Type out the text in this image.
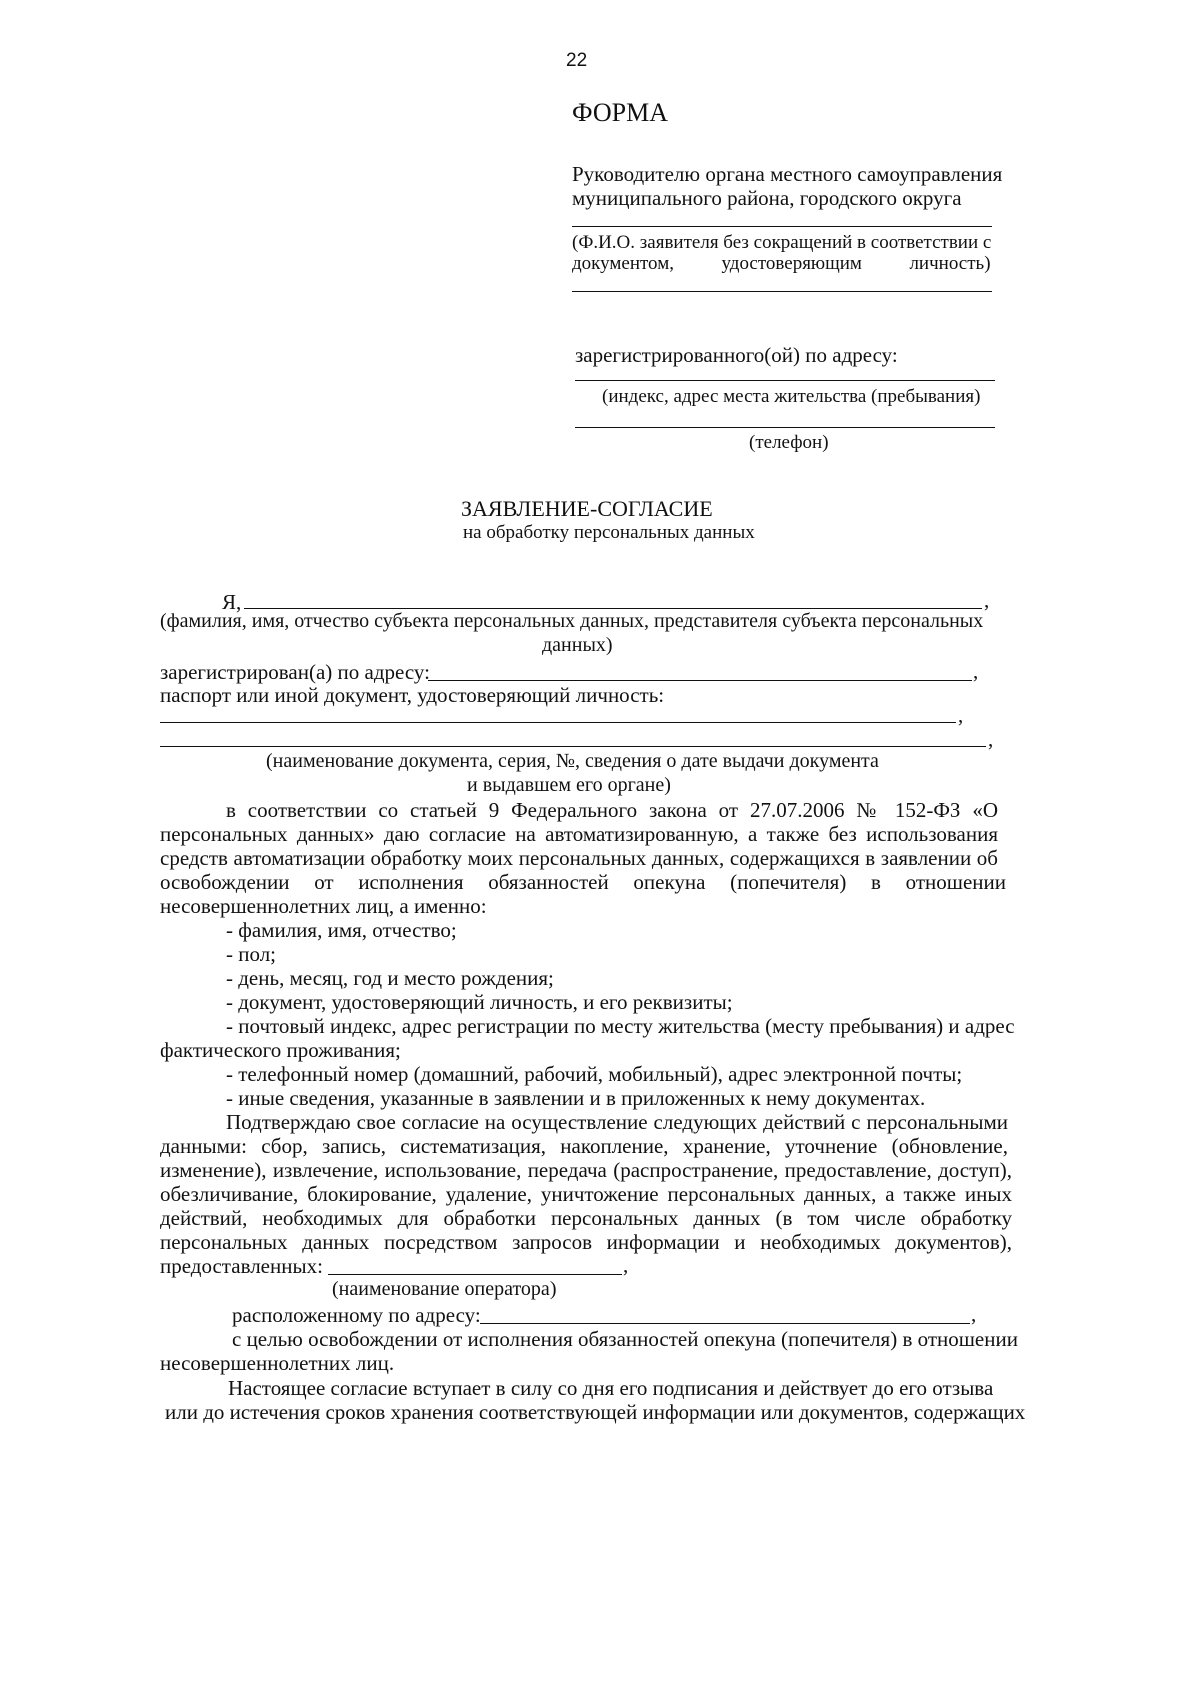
22
ФОРМА
Руководителю органа местного самоуправления
муниципального района, городского округа
(Ф.И.О. заявителя без сокращений в соответствии с
документом,          удостоверяющим          личность)
зарегистрированного(ой) по адресу:
(индекс, адрес места жительства (пребывания)
(телефон)
ЗАЯВЛЕНИЕ-СОГЛАСИЕ
на обработку персональных данных
Я,	,
(фамилия, имя, отчество субъекта персональных данных, представителя субъекта персональных
данных)
зарегистрирован(а) по адресу:	,
паспорт или иной документ, удостоверяющий личность:
,
,
(наименование документа, серия, №, сведения о дате выдачи документа
и выдавшем его органе)
в соответствии со статьей 9 Федерального закона от 27.07.2006 № 152-ФЗ «О
персональных данных» даю согласие на автоматизированную, а также без использования
средств автоматизации обработку моих персональных данных, содержащихся в заявлении об
освобождении от исполнения обязанностей опекуна (попечителя) в отношении
несовершеннолетних лиц, а именно:
- фамилия, имя, отчество;
- пол;
- день, месяц, год и место рождения;
- документ, удостоверяющий личность, и его реквизиты;
- почтовый индекс, адрес регистрации по месту жительства (месту пребывания) и адрес
фактического проживания;
- телефонный номер (домашний, рабочий, мобильный), адрес электронной почты;
- иные сведения, указанные в заявлении и в приложенных к нему документах.
Подтверждаю свое согласие на осуществление следующих действий с персональными
данными: сбор, запись, систематизация, накопление, хранение, уточнение (обновление,
изменение), извлечение, использование, передача (распространение, предоставление, доступ),
обезличивание, блокирование, удаление, уничтожение персональных данных, а также иных
действий, необходимых для обработки персональных данных (в том числе обработку
персональных данных посредством запросов информации и необходимых документов),
предоставленных:	,
(наименование оператора)
расположенному по адресу:	,
с целью освобождении от исполнения обязанностей опекуна (попечителя) в отношении
несовершеннолетних лиц.
Настоящее согласие вступает в силу со дня его подписания и действует до его отзыва
или до истечения сроков хранения соответствующей информации или документов, содержащих
